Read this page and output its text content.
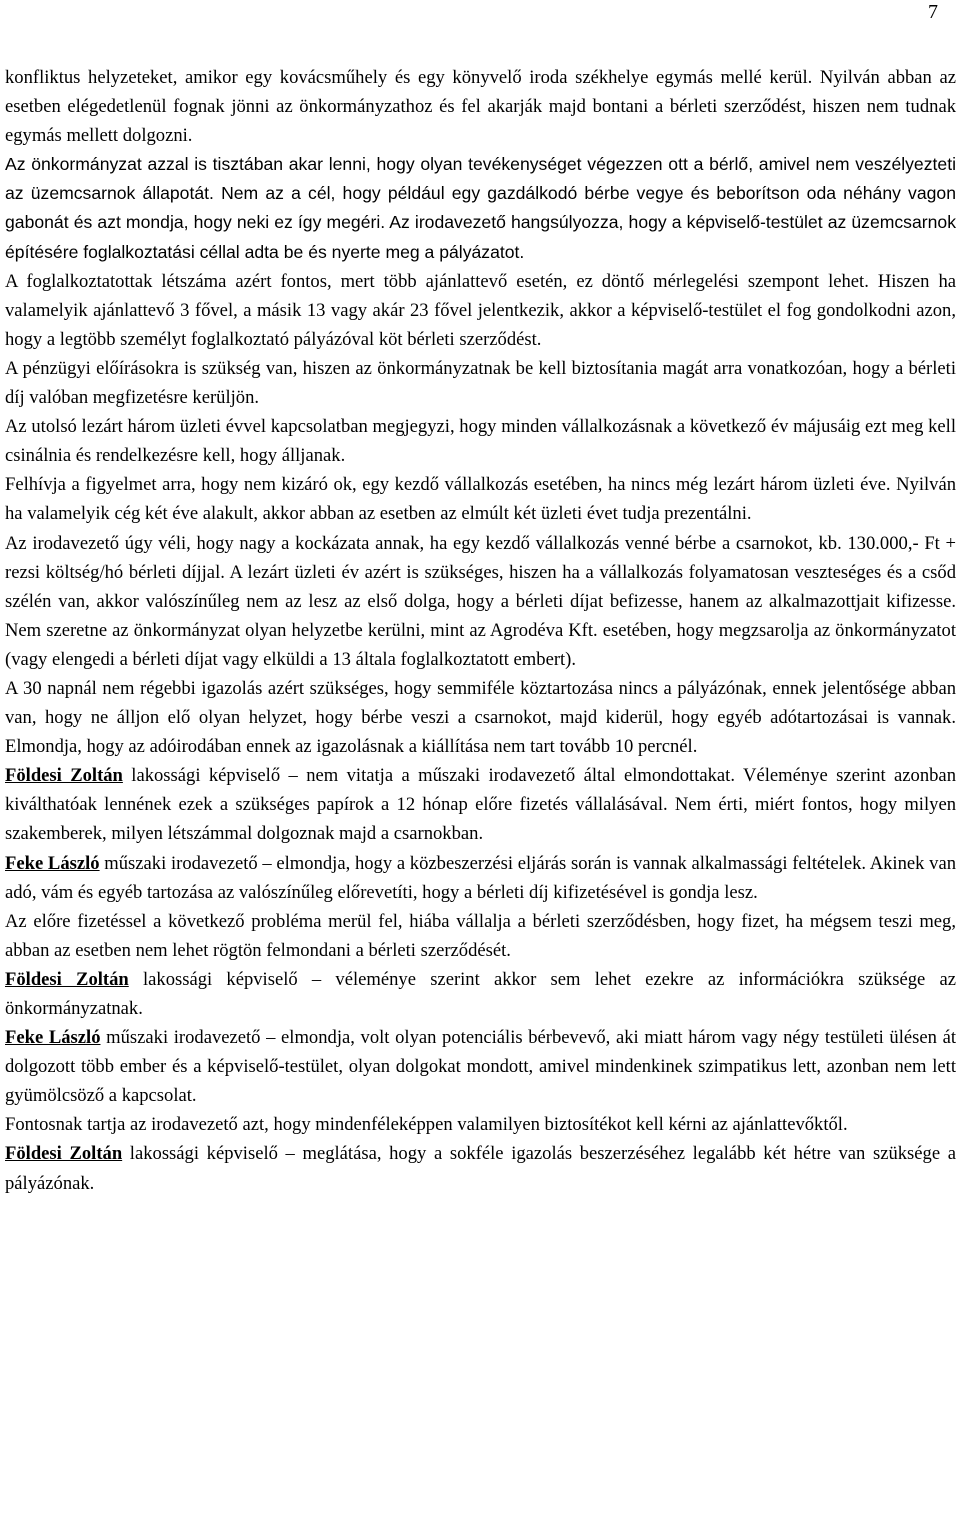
7

konfliktus helyzeteket, amikor egy kovácsműhely és egy könyvelő iroda székhelye egymás mellé kerül. Nyilván abban az esetben elégedetlenül fognak jönni az önkormányzathoz és fel akarják majd bontani a bérleti szerződést, hiszen nem tudnak egymás mellett dolgozni.

Az önkormányzat azzal is tisztában akar lenni, hogy olyan tevékenységet végezzen ott a bérlő, amivel nem veszélyezteti az üzemcsarnok állapotát. Nem az a cél, hogy például egy gazdálkodó bérbe vegye és beborítson oda néhány vagon gabonát és azt mondja, hogy neki ez így megéri. Az irodavezető hangsúlyozza, hogy a képviselő-testület az üzemcsarnok építésére foglalkoztatási céllal adta be és nyerte meg a pályázatot.

A foglalkoztatottak létszáma azért fontos, mert több ajánlattevő esetén, ez döntő mérlegelési szempont lehet. Hiszen ha valamelyik ajánlattevő 3 fővel, a másik 13 vagy akár 23 fővel jelentkezik, akkor a képviselő-testület el fog gondolkodni azon, hogy a legtöbb személyt foglalkoztató pályázóval köt bérleti szerződést.

A pénzügyi előírásokra is szükség van, hiszen az önkormányzatnak be kell biztosítania magát arra vonatkozóan, hogy a bérleti díj valóban megfizetésre kerüljön.

Az utolsó lezárt három üzleti évvel kapcsolatban megjegyzi, hogy minden vállalkozásnak a következő év májusáig ezt meg kell csinálnia és rendelkezésre kell, hogy álljanak.

Felhívja a figyelmet arra, hogy nem kizáró ok, egy kezdő vállalkozás esetében, ha nincs még lezárt három üzleti éve. Nyilván ha valamelyik cég két éve alakult, akkor abban az esetben az elmúlt két üzleti évet tudja prezentálni.

Az irodavezető úgy véli, hogy nagy a kockázata annak, ha egy kezdő vállalkozás venné bérbe a csarnokot, kb. 130.000,- Ft + rezsi költség/hó bérleti díjjal. A lezárt üzleti év azért is szükséges, hiszen ha a vállalkozás folyamatosan veszteséges és a csőd szélén van, akkor valószínűleg nem az lesz az első dolga, hogy a bérleti díjat befizesse, hanem az alkalmazottjait kifizesse. Nem szeretne az önkormányzat olyan helyzetbe kerülni, mint az Agrodéva Kft. esetében, hogy megzsarolja az önkormányzatot (vagy elengedi a bérleti díjat vagy elküldi a 13 általa foglalkoztatott embert).

A 30 napnál nem régebbi igazolás azért szükséges, hogy semmiféle köztartozása nincs a pályázónak, ennek jelentősége abban van, hogy ne álljon elő olyan helyzet, hogy bérbe veszi a csarnokot, majd kiderül, hogy egyéb adótartozásai is vannak. Elmondja, hogy az adóirodában ennek az igazolásnak a kiállítása nem tart tovább 10 percnél.

Földesi Zoltán lakossági képviselő – nem vitatja a műszaki irodavezető által elmondottakat. Véleménye szerint azonban kiválthatóak lennének ezek a szükséges papírok a 12 hónap előre fizetés vállalásával. Nem érti, miért fontos, hogy milyen szakemberek, milyen létszámmal dolgoznak majd a csarnokban.

Feke László műszaki irodavezető – elmondja, hogy a közbeszerzési eljárás során is vannak alkalmassági feltételek. Akinek van adó, vám és egyéb tartozása az valószínűleg előrevetíti, hogy a bérleti díj kifizetésével is gondja lesz.

Az előre fizetéssel a következő probléma merül fel, hiába vállalja a bérleti szerződésben, hogy fizet, ha mégsem teszi meg, abban az esetben nem lehet rögtön felmondani a bérleti szerződését.

Földesi Zoltán lakossági képviselő – véleménye szerint akkor sem lehet ezekre az információkra szüksége az önkormányzatnak.

Feke László műszaki irodavezető – elmondja, volt olyan potenciális bérbevevő, aki miatt három vagy négy testületi ülésen át dolgozott több ember és a képviselő-testület, olyan dolgokat mondott, amivel mindenkinek szimpatikus lett, azonban nem lett gyümölcsöző a kapcsolat.

Fontosnak tartja az irodavezető azt, hogy mindenféleképpen valamilyen biztosítékot kell kérni az ajánlattevőktől.

Földesi Zoltán lakossági képviselő – meglátása, hogy a sokféle igazolás beszerzéséhez legalább két hétre van szüksége a pályázónak.
